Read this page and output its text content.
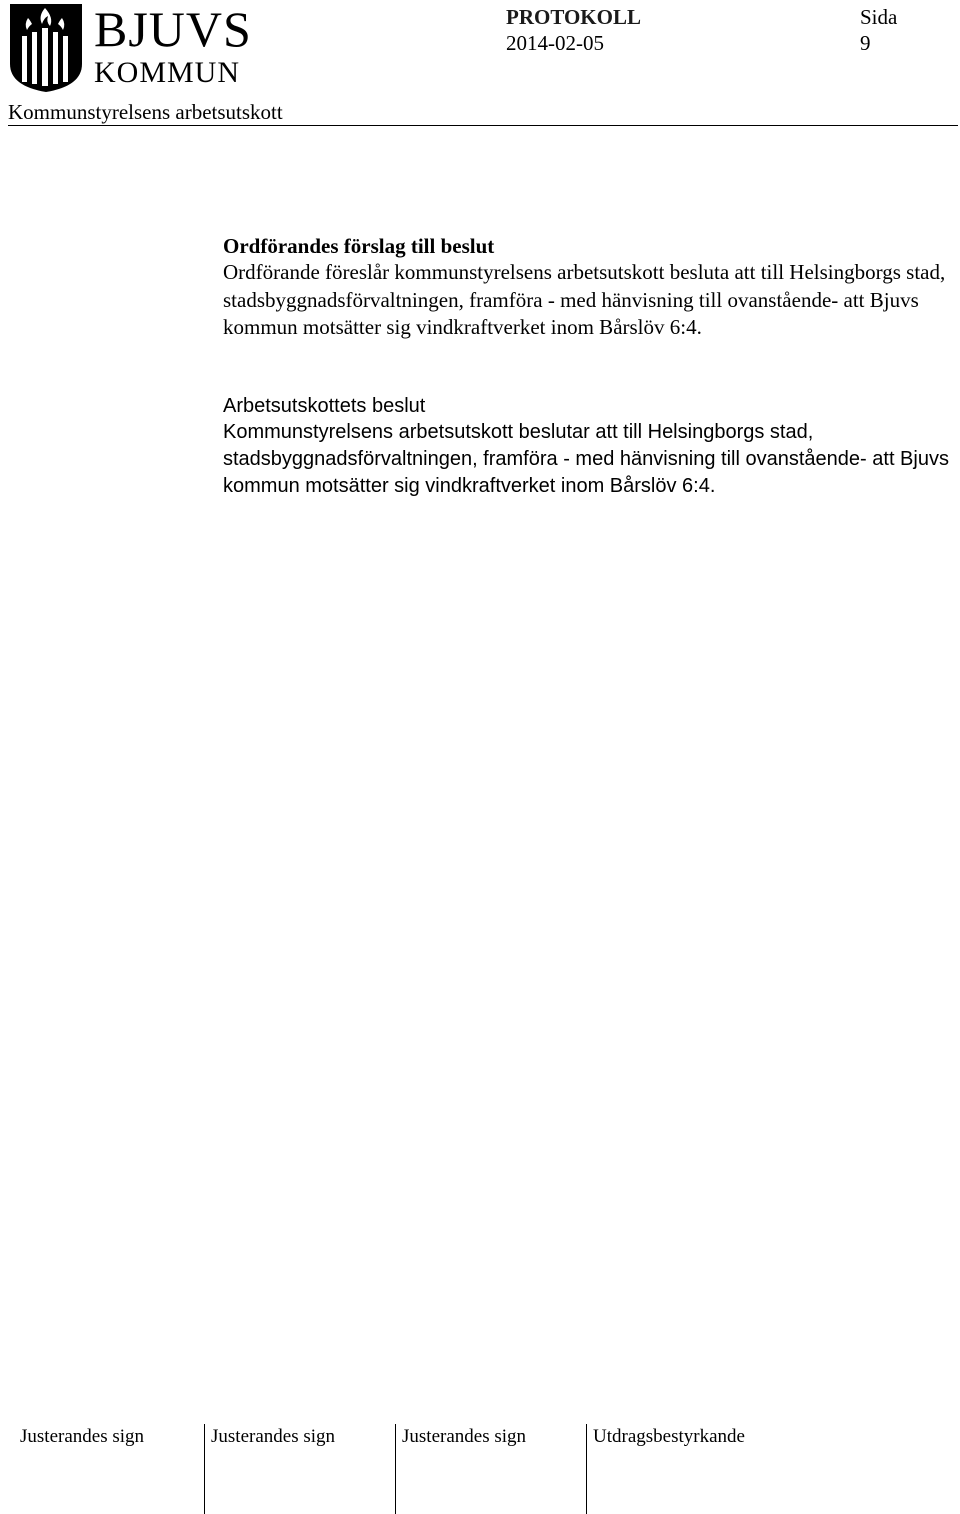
BJUVS
KOMMUN
PROTOKOLL
2014-02-05
Sida
9
Kommunstyrelsens arbetsutskott
Ordförandes förslag till beslut

Ordförande föreslår kommunstyrelsens arbetsutskott besluta att till Helsingborgs stad, stadsbyggnadsförvaltningen, framföra - med hänvisning till ovanstående- att Bjuvs kommun motsätter sig vindkraftverket inom Bårslöv 6:4.

Arbetsutskottets beslut

Kommunstyrelsens arbetsutskott beslutar att till Helsingborgs stad, stadsbyggnadsförvaltningen, framföra - med hänvisning till ovanstående- att Bjuvs kommun motsätter sig vindkraftverket inom Bårslöv 6:4.

Justerandes sign	Justerandes sign	Justerandes sign	Utdragsbestyrkande
